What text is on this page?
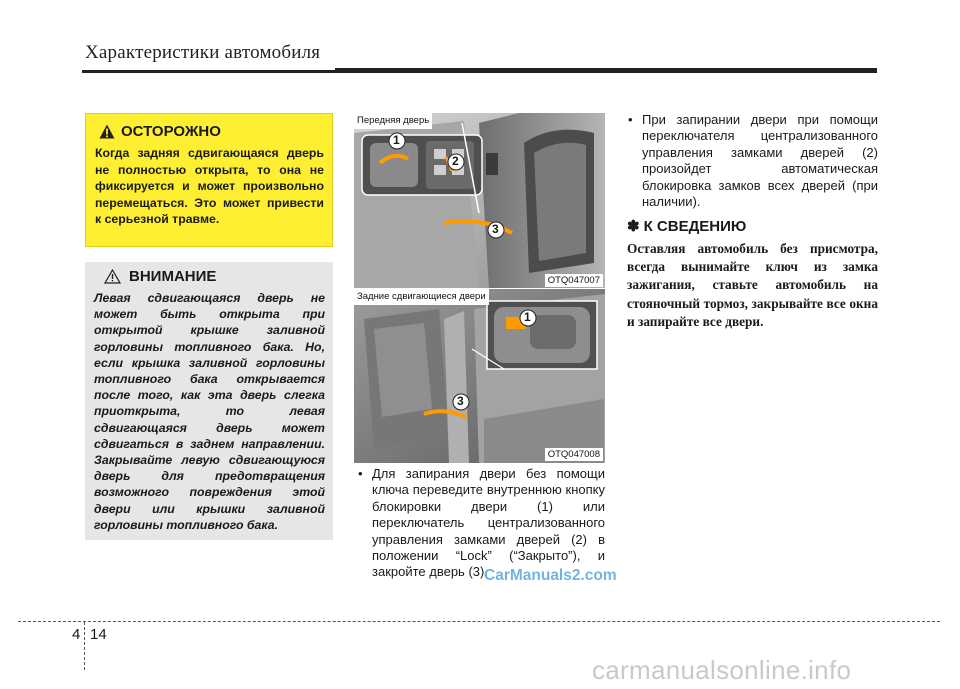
Характеристики автомобиля
ОСТОРОЖНО
Когда задняя сдвигающаяся дверь не полностью открыта, то она не фиксируется и может произвольно перемещаться. Это может привести к серьезной травме.
ВНИМАНИЕ
Левая сдвигающаяся дверь не может быть открыта при открытой крышке заливной горловины топливного бака. Но, если крышка заливной горловины топливного бака открывается после того, как эта дверь слегка приоткрыта, то левая сдвигающаяся дверь может сдвигаться в заднем направлении. Закрывайте левую сдвигающуюся дверь для предотвращения возможного повреждения этой двери или крышки заливной горловины топливного бака.
Передняя дверь
1
2
3
OTQ047007
Задние сдвигающиеся двери
1
3
OTQ047008
• Для запирания двери без помощи ключа переведите внутреннюю кнопку блокировки двери (1) или переключатель централизованного управления замками дверей (2) в положении “Lock” (“Закрыто”), и закройте дверь (3).
• При запирании двери при помощи переключателя централизованного управления замками дверей (2) произойдет автоматическая блокировка замков всех дверей (при наличии).
✽ К СВЕДЕНИЮ
Оставляя автомобиль без присмотра, всегда вынимайте ключ из замка зажигания, ставьте автомобиль на стояночный тормоз, закрывайте все окна и запирайте все двери.
CarManuals2.com
4 14
carmanualsonline.info
